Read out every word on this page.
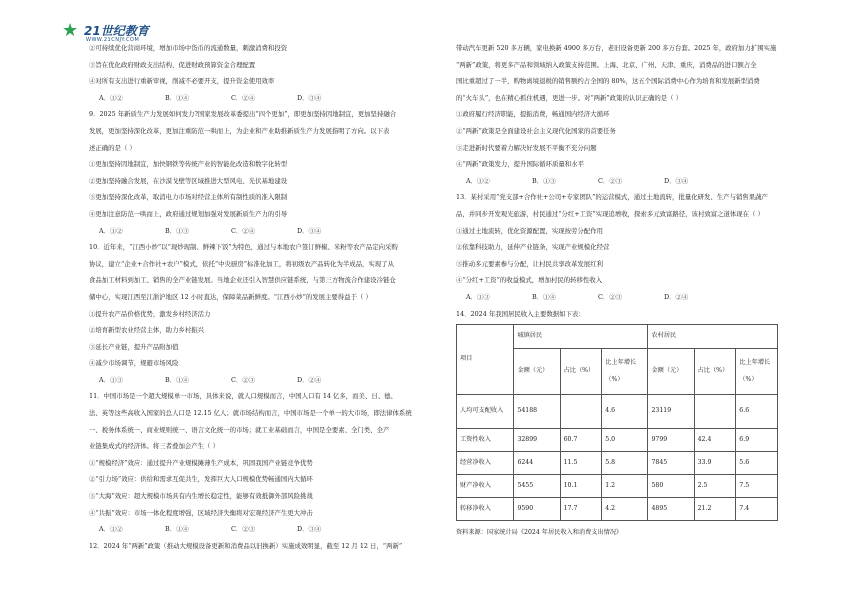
★ 21世纪教育
WWW.21CNJY.COM
②可持续优化营商环境，增加市场中货币的流通数量，刺激消费和投资
③旨在优化政府财政支出结构，促进财政预算资金合理配置
④对所有支出进行重新审视，削减不必要开支，提升资金使用效率
A．①②	B．①④	C．②④	D．③④
9．2025 年新质生产力发展如何发力?国家发展改革委提出“四个更加”，即更加坚持因地制宜，更加坚持融合
发展，更加坚持深化改革，更加注重防范一哄而上，为企业和产业助推新质生产力发展指明了方向。以下表
述正确的是（ ）
①更加坚持因地制宜，加快钢铁等传统产业的智能化改造和数字化转型
②更加坚持融合发展，在沙漠戈壁等区域推进大型风电、光伏基地建设
③更加坚持深化改革，取消电力市场对经营主体所有制性质的准入限制
④更加注意防范一哄而上，政府通过规划加强对发展新质生产力的引导
A．①②	B．①③	C．②④	D．③④
10．近年来，“江西小炒”以“现炒现制、鲜辣下饭”为特色，通过与本地农户签订鲜椒、米粉等农产品定向采购
协议，建立“企业+合作社+农户”模式，依托“中央厨房”标准化加工，将初级农产品转化为半成品，实现了从
食品加工材料到加工、销售的全产业链发展。当地企业还引入智慧供应链系统，与第三方物流合作建设冷链仓
储中心，实现江西至江浙沪地区 12 小时直达，保障菜品新鲜度。“江西小炒”的发展主要得益于（ ）
①提升农产品价格优势，激发乡村经济活力
②培育新型农业经营主体，助力乡村振兴
③延长产业链，提升产品附加值
④减少市场调节，规避市场风险
A．①③	B．①④	C．②③	D．②④
11．中国市场是一个超大规模单一市场，具体来说，就人口规模而言，中国人口有 14 亿多，而美、日、德、
法、英等这些高收入国家的总人口是 12.15 亿人；就市场结构而言，中国市场是一个单一的大市场，即法律体系统
一、税务体系统一、商业规则统一、语言文化统一的市场；就工业基础而言，中国是全要素、全门类、全产
业链集成式的经济体。将三者叠加会产生（ ）
①“规模经济”效应：通过提升产业规模摊薄生产成本，巩固我国产业链竞争优势
②“引力场”效应：供给和需求互促共生，发挥巨大人口规模优势畅通国内大循环
③“大海”效应：超大规模市场具有内生增长稳定性，能够有效抵御外部风险挑战
④“共振”效应：市场一体化程度增强，区域经济失衡将对宏观经济产生更大冲击
A．①②	B．①④	C．②③	D．③④
12．2024 年“两新”政策（推动大规模设备更新和消费品以旧换新）实施成效明显，截至 12 月 12 日，“两新”
带动汽车更新 520 多万辆，家电换新 4900 多万台，老旧设备更新 200 多万台套。2025 年，政府加力扩围实施
“两新”政策，将更多产品和领域纳入政策支持范围。上海、北京、广州、天津、重庆，消费品的进口额占全
国比重超过了一半，购物离境退税的销售额约占全国的 80%，这五个国际消费中心作为培育和发展新型消费
的“火车头”，也在精心抓住机遇，更进一步。对“两新”政策的认识正确的是（ ）
①政府履行经济职能，提振消费，畅通国内经济大循环
②“两新”政策是全面建设社会主义现代化国家的首要任务
③走进新时代要着力解决好发展不平衡不充分问题
④“两新”政策发力，提升国际循环质量和水平
A．①②	B．①③	C．②③	D．③④
13．某村采用“党支部+合作社+公司+专家团队”的运营模式，通过土地流转，批量化研发、生产与销售果蔬产
品，并同步开发观光旅游，村民通过“分红+工资”实现追增收，探索多元致富路径，该村致富之道体现在（ ）
①通过土地流转，优化资源配置，实现按劳分配作用
②依靠科技助力，延伸产业链条，实现产业规模化经营
③推动多元要素参与分配，让村民共享改革发展红利
④“分红+工资”的收益模式，增加村民的转移性收入
A．①③	B．①④	C．②③	D．②④
14．2024 年我国居民收入主要数据如下表：
项目	城镇居民			农村居民		
	金额（元）	占比（%）	比上年增长（%）	金额（元）	占比（%）	比上年增长（%）
人均可支配收入	54188		4.6	23119		6.6
工资性收入	32899	60.7	5.0	9799	42.4	6.9
经营净收入	6244	11.5	5.8	7845	33.9	5.6
财产净收入	5455	10.1	1.2	580	2.5	7.5
转移净收入	9590	17.7	4.2	4895	21.2	7.4
资料来源：国家统计局《2024 年居民收入和消费支出情况》
